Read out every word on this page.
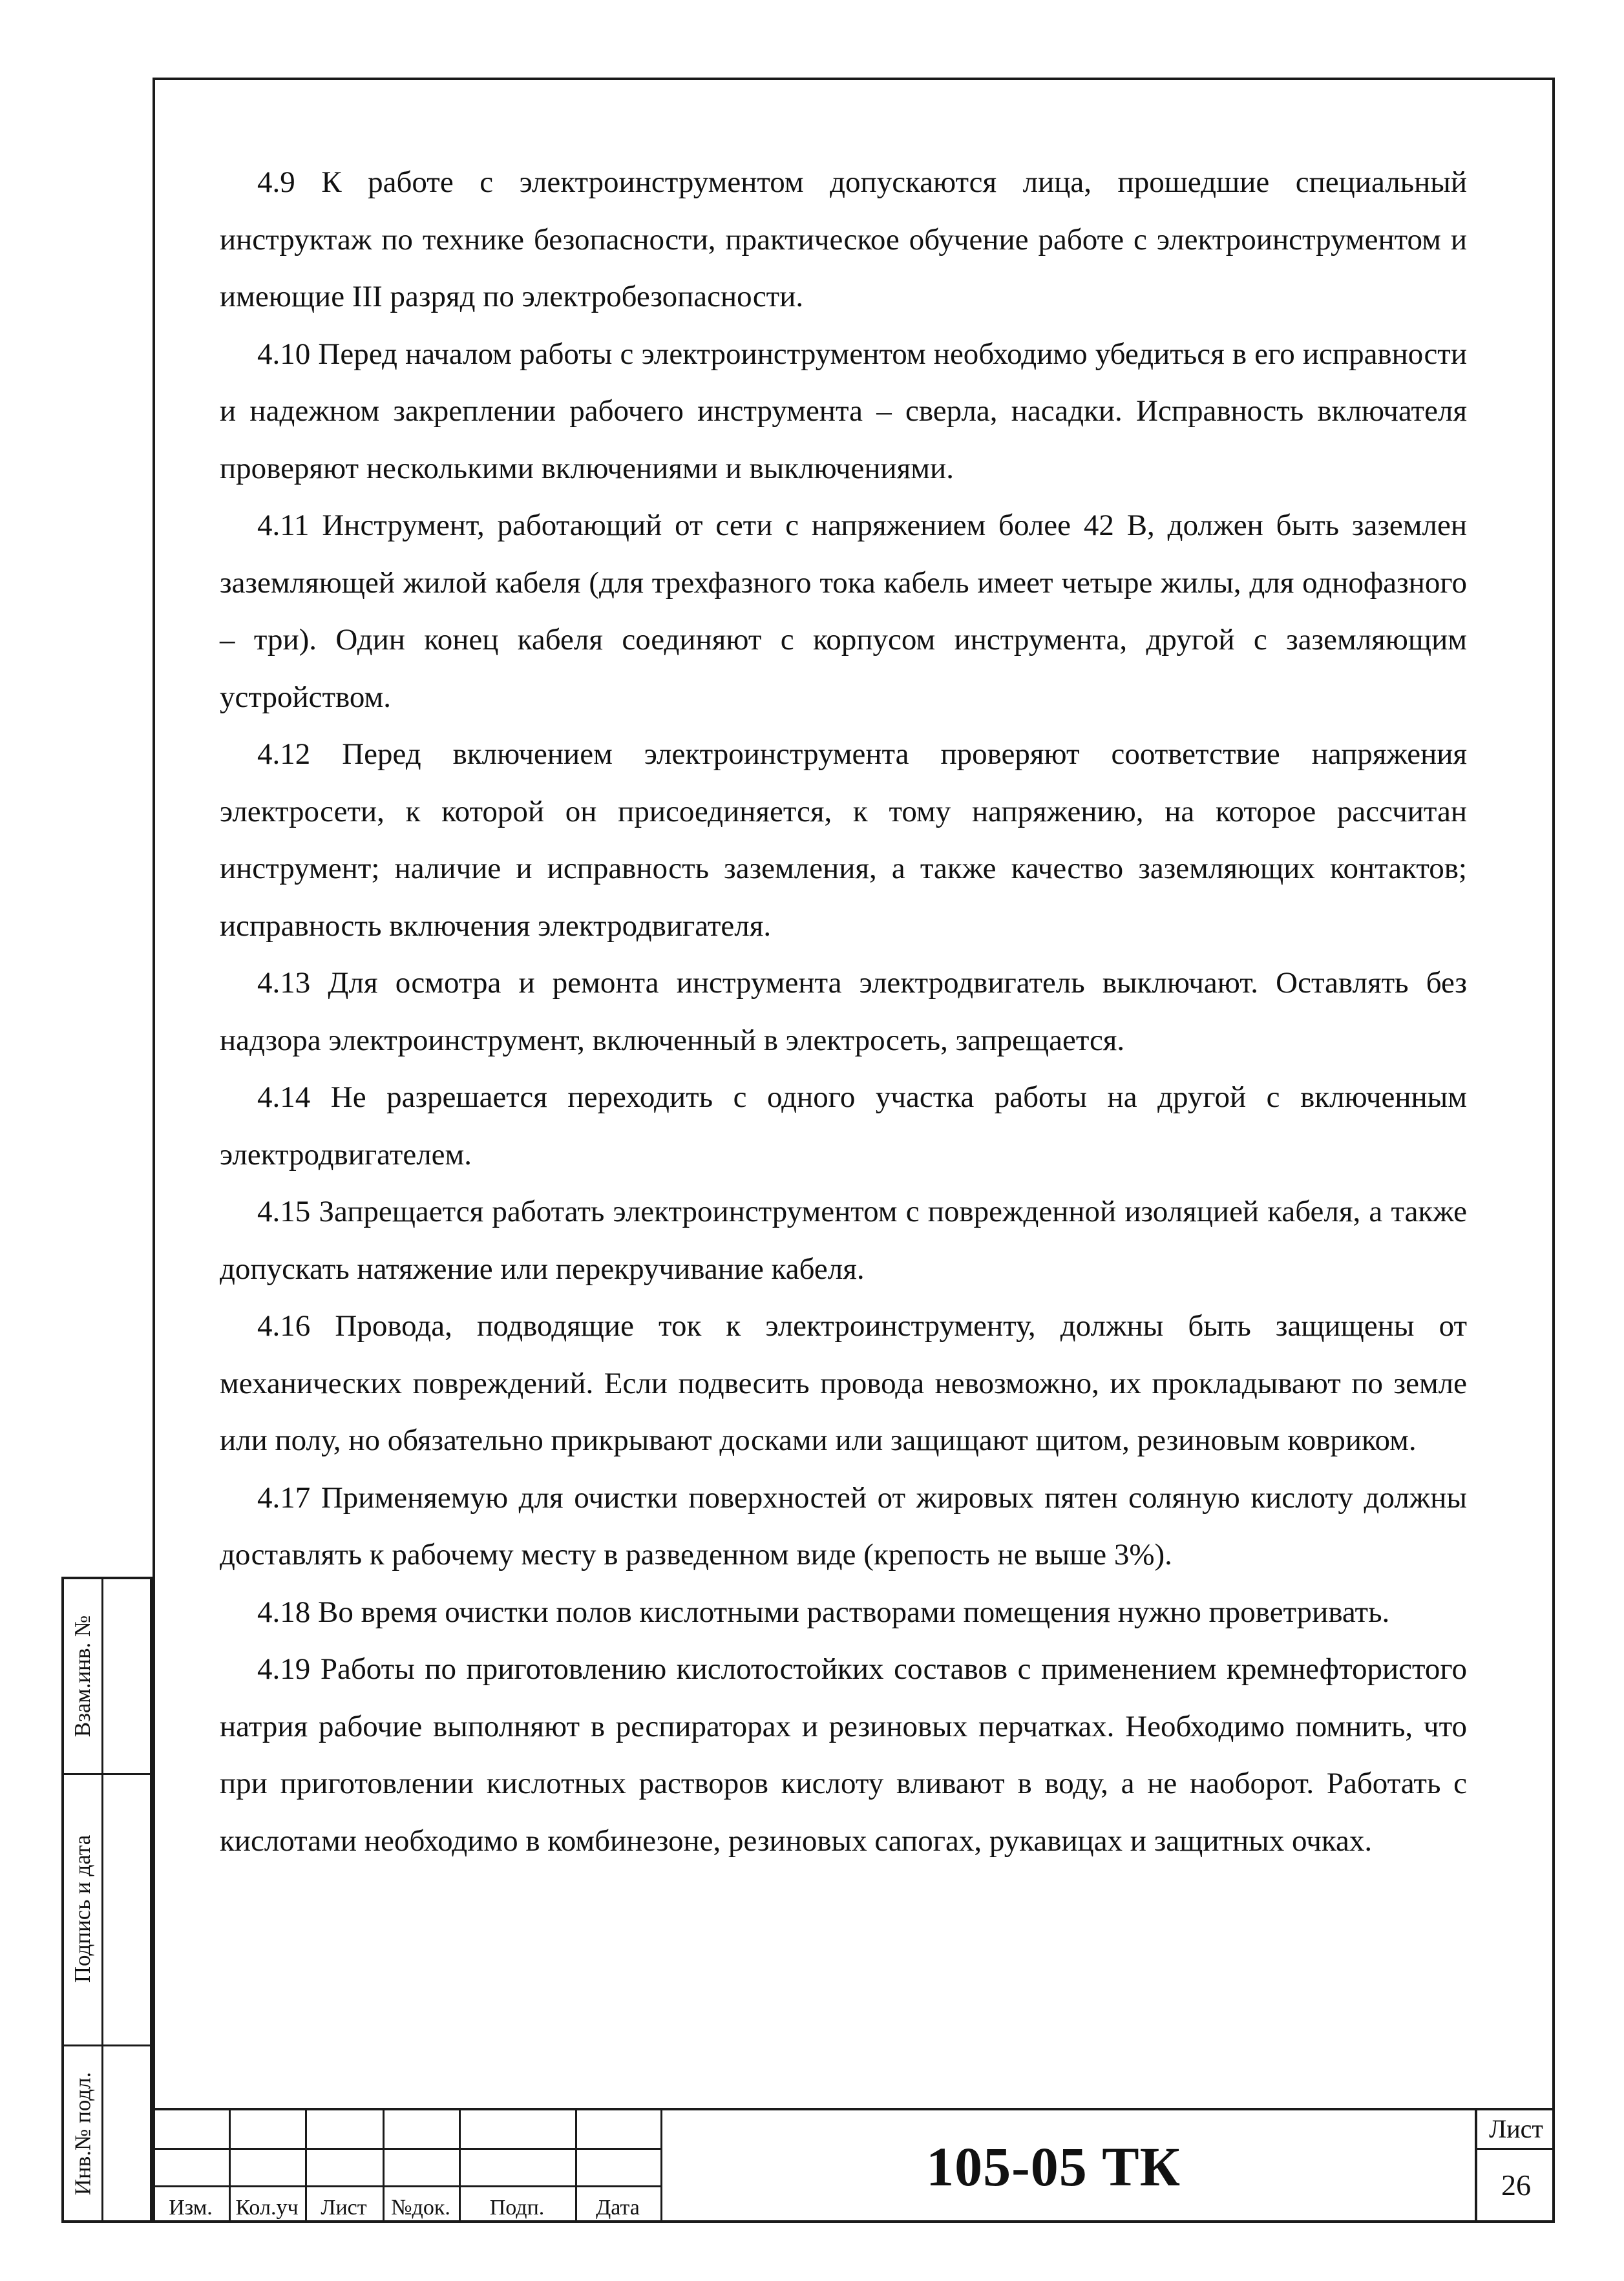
4.9 К работе с электроинструментом допускаются лица, прошедшие специальный инструктаж по технике безопасности, практическое обучение работе с электроинструментом и имеющие III разряд по электробезопасности.

4.10 Перед началом работы с электроинструментом необходимо убедиться в его исправности и надежном закреплении рабочего инструмента – сверла, насадки. Исправность включателя проверяют несколькими включениями и выключениями.

4.11 Инструмент, работающий от сети с напряжением более 42 В, должен быть заземлен заземляющей жилой кабеля (для трехфазного тока кабель имеет четыре жилы, для однофазного – три). Один конец кабеля соединяют с корпусом инструмента, другой с заземляющим устройством.

4.12 Перед включением электроинструмента проверяют соответствие напряжения электросети, к которой он присоединяется, к тому напряжению, на которое рассчитан инструмент; наличие и исправность заземления, а также качество заземляющих контактов; исправность включения электродвигателя.

4.13 Для осмотра и ремонта инструмента электродвигатель выключают. Оставлять без надзора электроинструмент, включенный в электросеть, запрещается.

4.14 Не разрешается переходить с одного участка работы на другой с включенным электродвигателем.

4.15 Запрещается работать электроинструментом с поврежденной изоляцией кабеля, а также допускать натяжение или перекручивание кабеля.

4.16 Провода, подводящие ток к электроинструменту, должны быть защищены от механических повреждений. Если подвесить провода невозможно, их прокладывают по земле или полу, но обязательно прикрывают досками или защищают щитом, резиновым ковриком.

4.17 Применяемую для очистки поверхностей от жировых пятен соляную кислоту должны доставлять к рабочему месту в разведенном виде (крепость не выше 3%).

4.18 Во время очистки полов кислотными растворами помещения нужно проветривать.

4.19 Работы по приготовлению кислотостойких составов с применением кремнефтористого натрия рабочие выполняют в респираторах и резиновых перчатках. Необходимо помнить, что при приготовлении кислотных растворов кислоту вливают в воду, а не наоборот. Работать с кислотами необходимо в комбинезоне, резиновых сапогах, рукавицах и защитных очках.

Взам.инв. №
Подпись и дата
Инв.№ подл.
Изм.	Кол.уч	Лист	№док.	Подп.	Дата
105-05 ТК
Лист
26
